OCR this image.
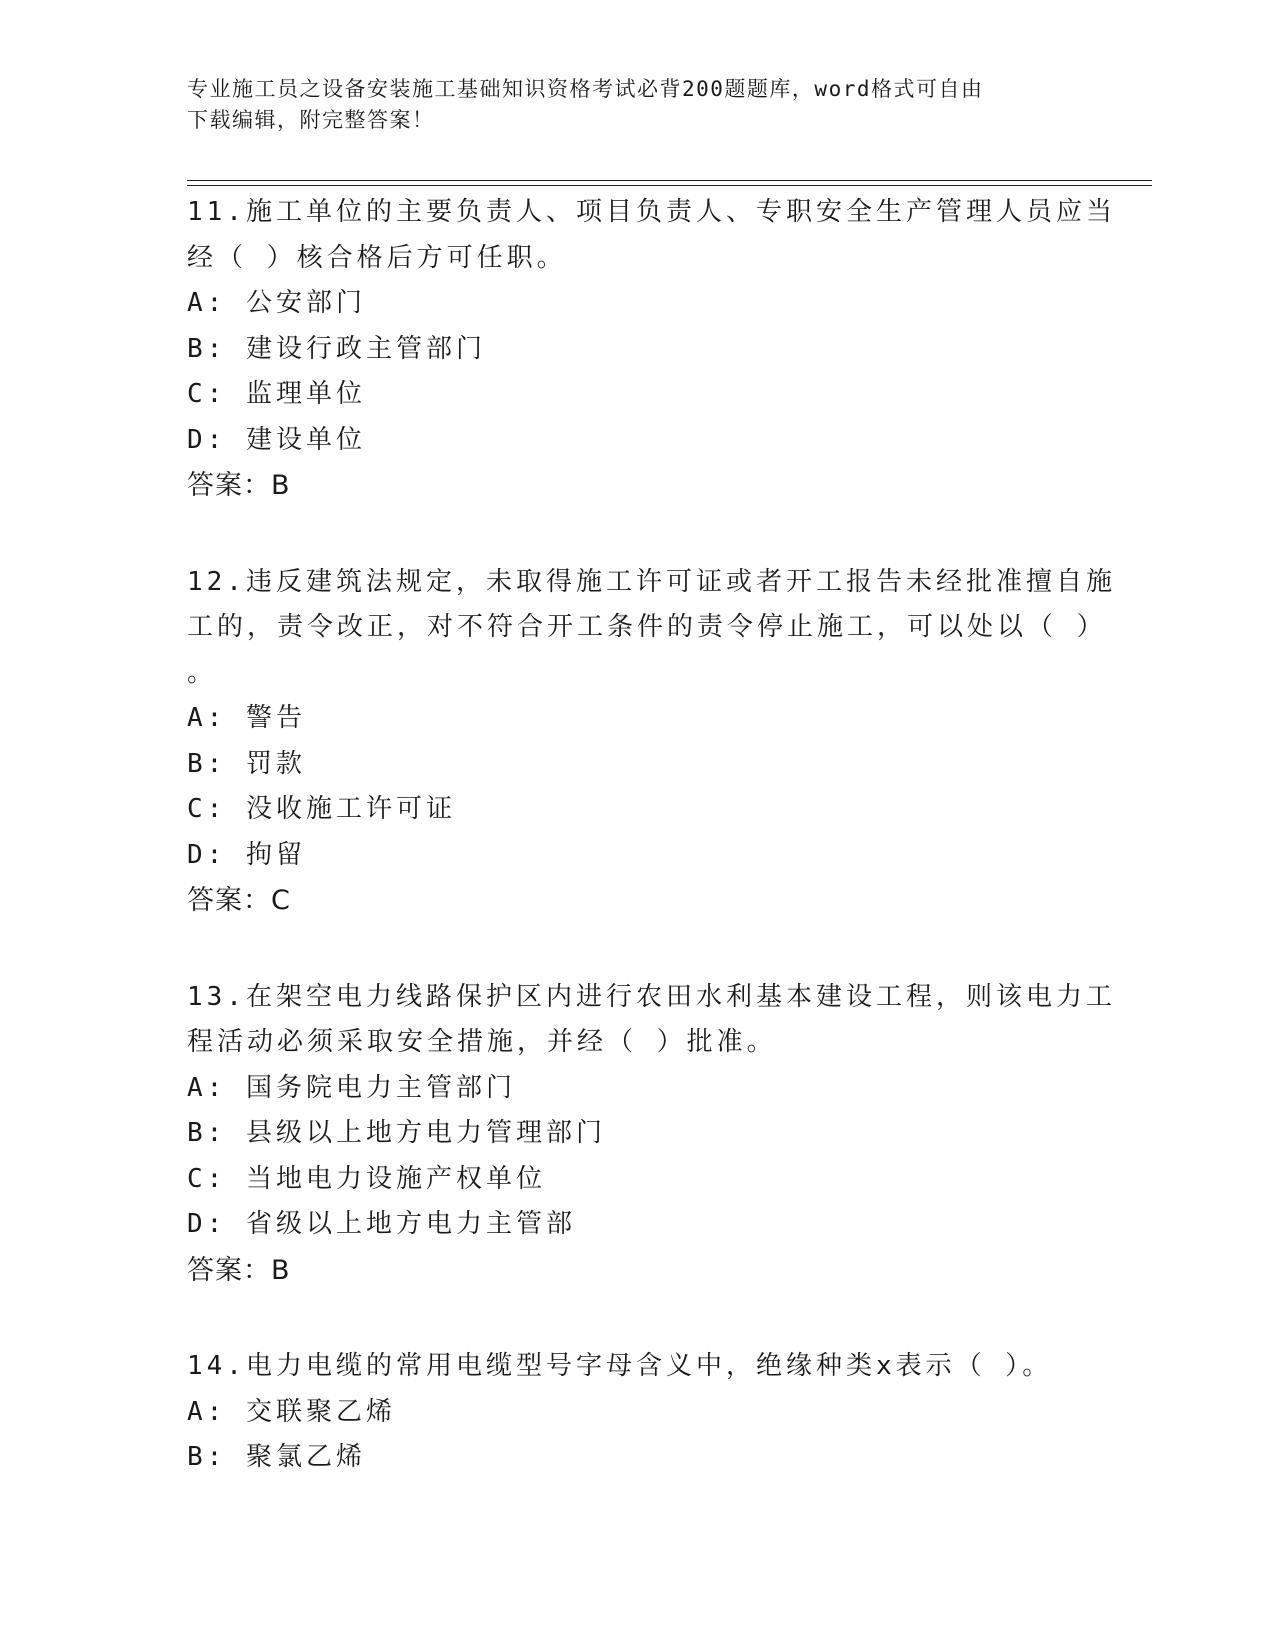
专业施工员之设备安装施工基础知识资格考试必背200题题库，word格式可自由
下载编辑，附完整答案！
11.施工单位的主要负责人、项目负责人、专职安全生产管理人员应当
经（ ）核合格后方可任职。
A: 公安部门
B: 建设行政主管部门
C: 监理单位
D: 建设单位
答案：B
12.违反建筑法规定，未取得施工许可证或者开工报告未经批准擅自施
工的，责令改正，对不符合开工条件的责令停止施工，可以处以（ ）
。
A: 警告
B: 罚款
C: 没收施工许可证
D: 拘留
答案：C
13.在架空电力线路保护区内进行农田水利基本建设工程，则该电力工
程活动必须采取安全措施，并经（ ）批准。
A: 国务院电力主管部门
B: 县级以上地方电力管理部门
C: 当地电力设施产权单位
D: 省级以上地方电力主管部
答案：B
14.电力电缆的常用电缆型号字母含义中，绝缘种类x表示（ ）。
A: 交联聚乙烯
B: 聚氯乙烯
